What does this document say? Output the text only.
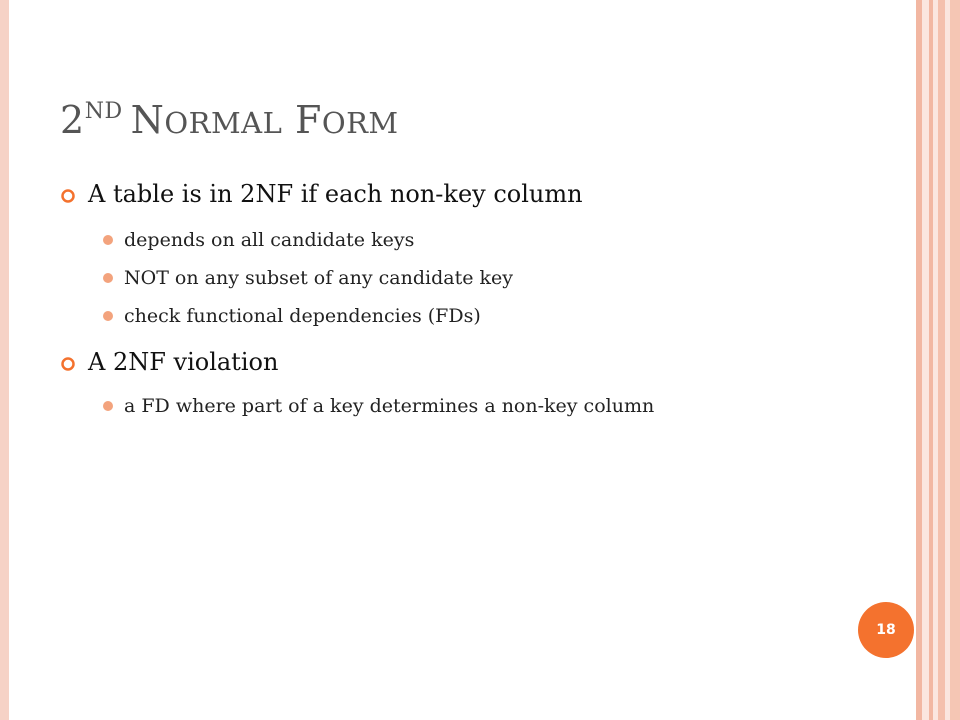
2ND NORMAL FORM
A table is in 2NF if each non-key column
depends on all candidate keys
NOT on any subset of any candidate key
check functional dependencies (FDs)
A 2NF violation
a FD where part of a key determines a non-key column
18
